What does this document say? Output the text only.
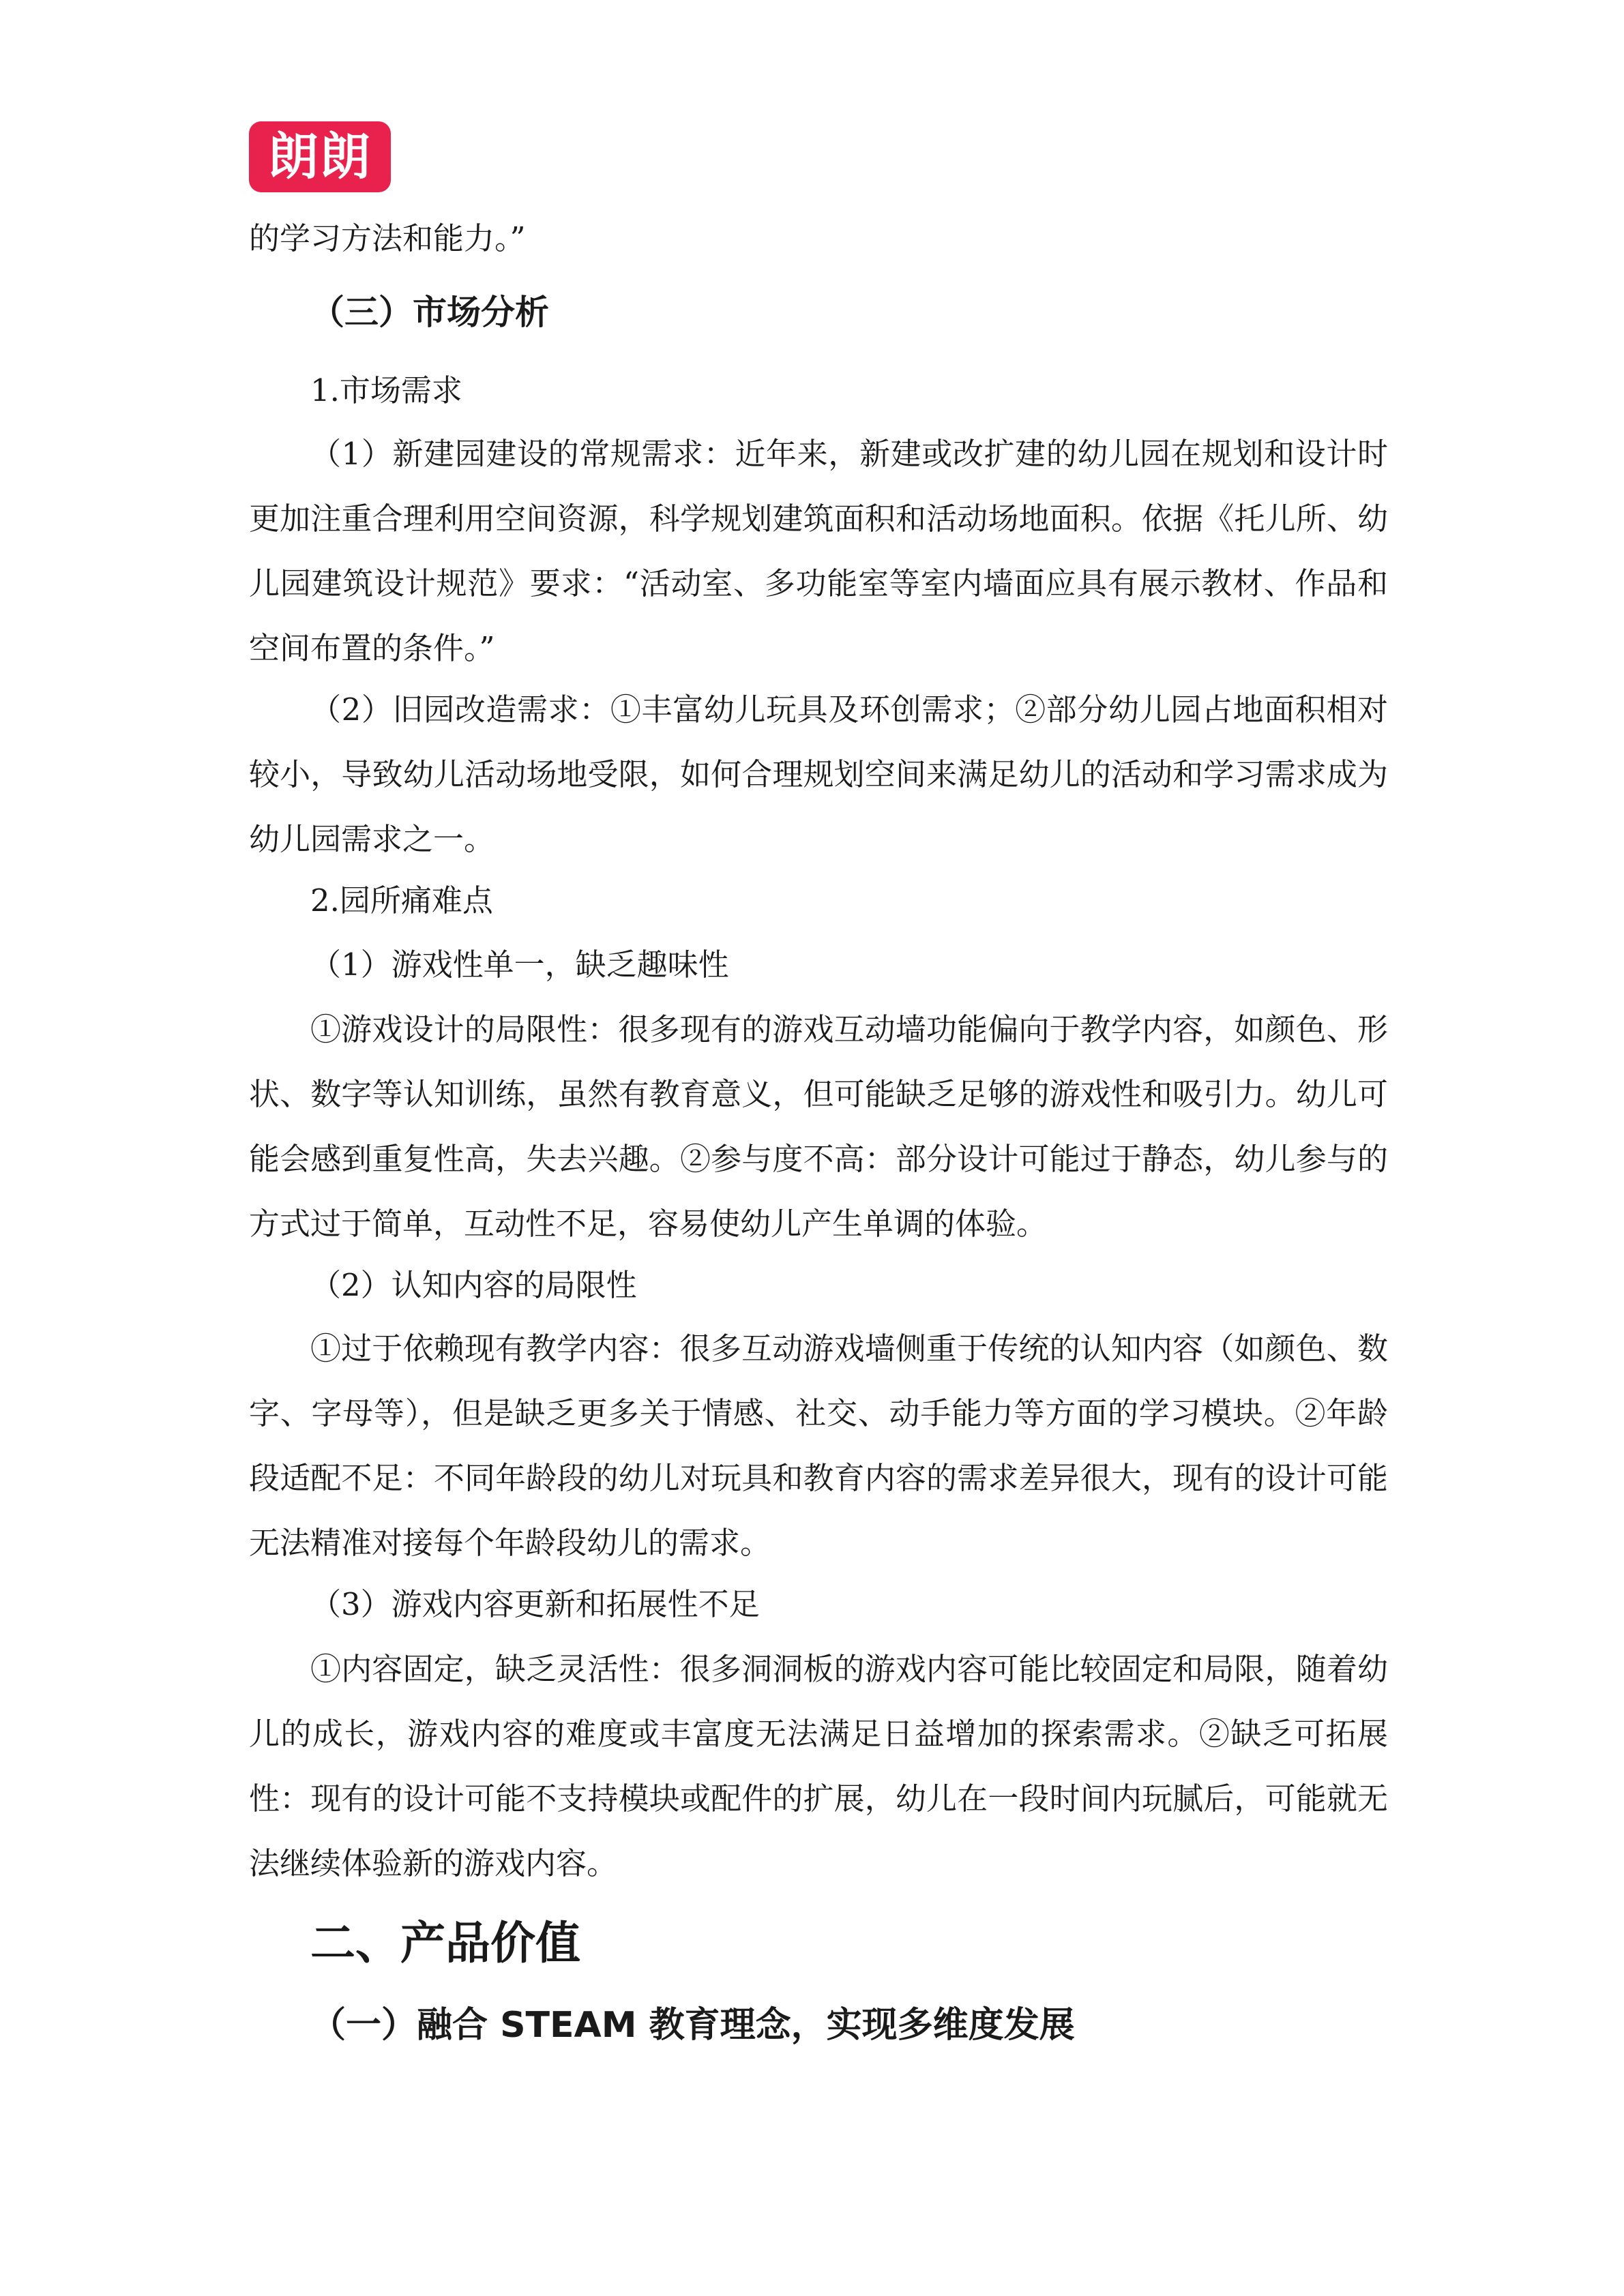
朗朗

的学习方法和能力。”

（三）市场分析

1.市场需求

（1）新建园建设的常规需求：近年来，新建或改扩建的幼儿园在规划和设计时更加注重合理利用空间资源，科学规划建筑面积和活动场地面积。依据《托儿所、幼儿园建筑设计规范》要求：“活动室、多功能室等室内墙面应具有展示教材、作品和空间布置的条件。”

（2）旧园改造需求：①丰富幼儿玩具及环创需求；②部分幼儿园占地面积相对较小，导致幼儿活动场地受限，如何合理规划空间来满足幼儿的活动和学习需求成为幼儿园需求之一。

2.园所痛难点

（1）游戏性单一，缺乏趣味性

①游戏设计的局限性：很多现有的游戏互动墙功能偏向于教学内容，如颜色、形状、数字等认知训练，虽然有教育意义，但可能缺乏足够的游戏性和吸引力。幼儿可能会感到重复性高，失去兴趣。②参与度不高：部分设计可能过于静态，幼儿参与的方式过于简单，互动性不足，容易使幼儿产生单调的体验。

（2）认知内容的局限性

①过于依赖现有教学内容：很多互动游戏墙侧重于传统的认知内容（如颜色、数字、字母等），但是缺乏更多关于情感、社交、动手能力等方面的学习模块。②年龄段适配不足：不同年龄段的幼儿对玩具和教育内容的需求差异很大，现有的设计可能无法精准对接每个年龄段幼儿的需求。

（3）游戏内容更新和拓展性不足

①内容固定，缺乏灵活性：很多洞洞板的游戏内容可能比较固定和局限，随着幼儿的成长，游戏内容的难度或丰富度无法满足日益增加的探索需求。②缺乏可拓展性：现有的设计可能不支持模块或配件的扩展，幼儿在一段时间内玩腻后，可能就无法继续体验新的游戏内容。

二、产品价值
（一）融合 STEAM 教育理念，实现多维度发展
